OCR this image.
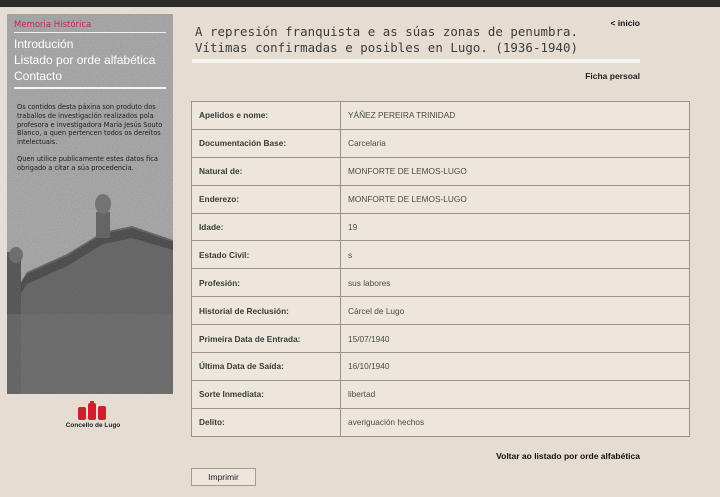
Memoria Histórica
Introdución
Listado por orde alfabética
Contacto

Os contidos desta páxina son produto dos traballos de investigación realizados pola profesora e investigadora María Jesús Souto Blanco, a quen pertencen todos os dereitos intelectuais.

Quen utilice publicamente estes datos fica obrigado a citar a súa procedencia.

Concello de Lugo
A represión franquista e as súas zonas de penumbra.
Vítimas confirmadas e posibles en Lugo. (1936-1940)
< inicio
Ficha persoal
Apelidos e nome:	YÁÑEZ PEREIRA TRINIDAD
Documentación Base:	Carcelaria
Natural de:	MONFORTE DE LEMOS-LUGO
Enderezo:	MONFORTE DE LEMOS-LUGO
Idade:	19
Estado Civil:	s
Profesión:	sus labores
Historial de Reclusión:	Cárcel de Lugo
Primeira Data de Entrada:	15/07/1940
Última Data de Saída:	16/10/1940
Sorte Inmediata:	libertad
Delito:	averiguación hechos
Voltar ao listado por orde alfabética
Imprimir
